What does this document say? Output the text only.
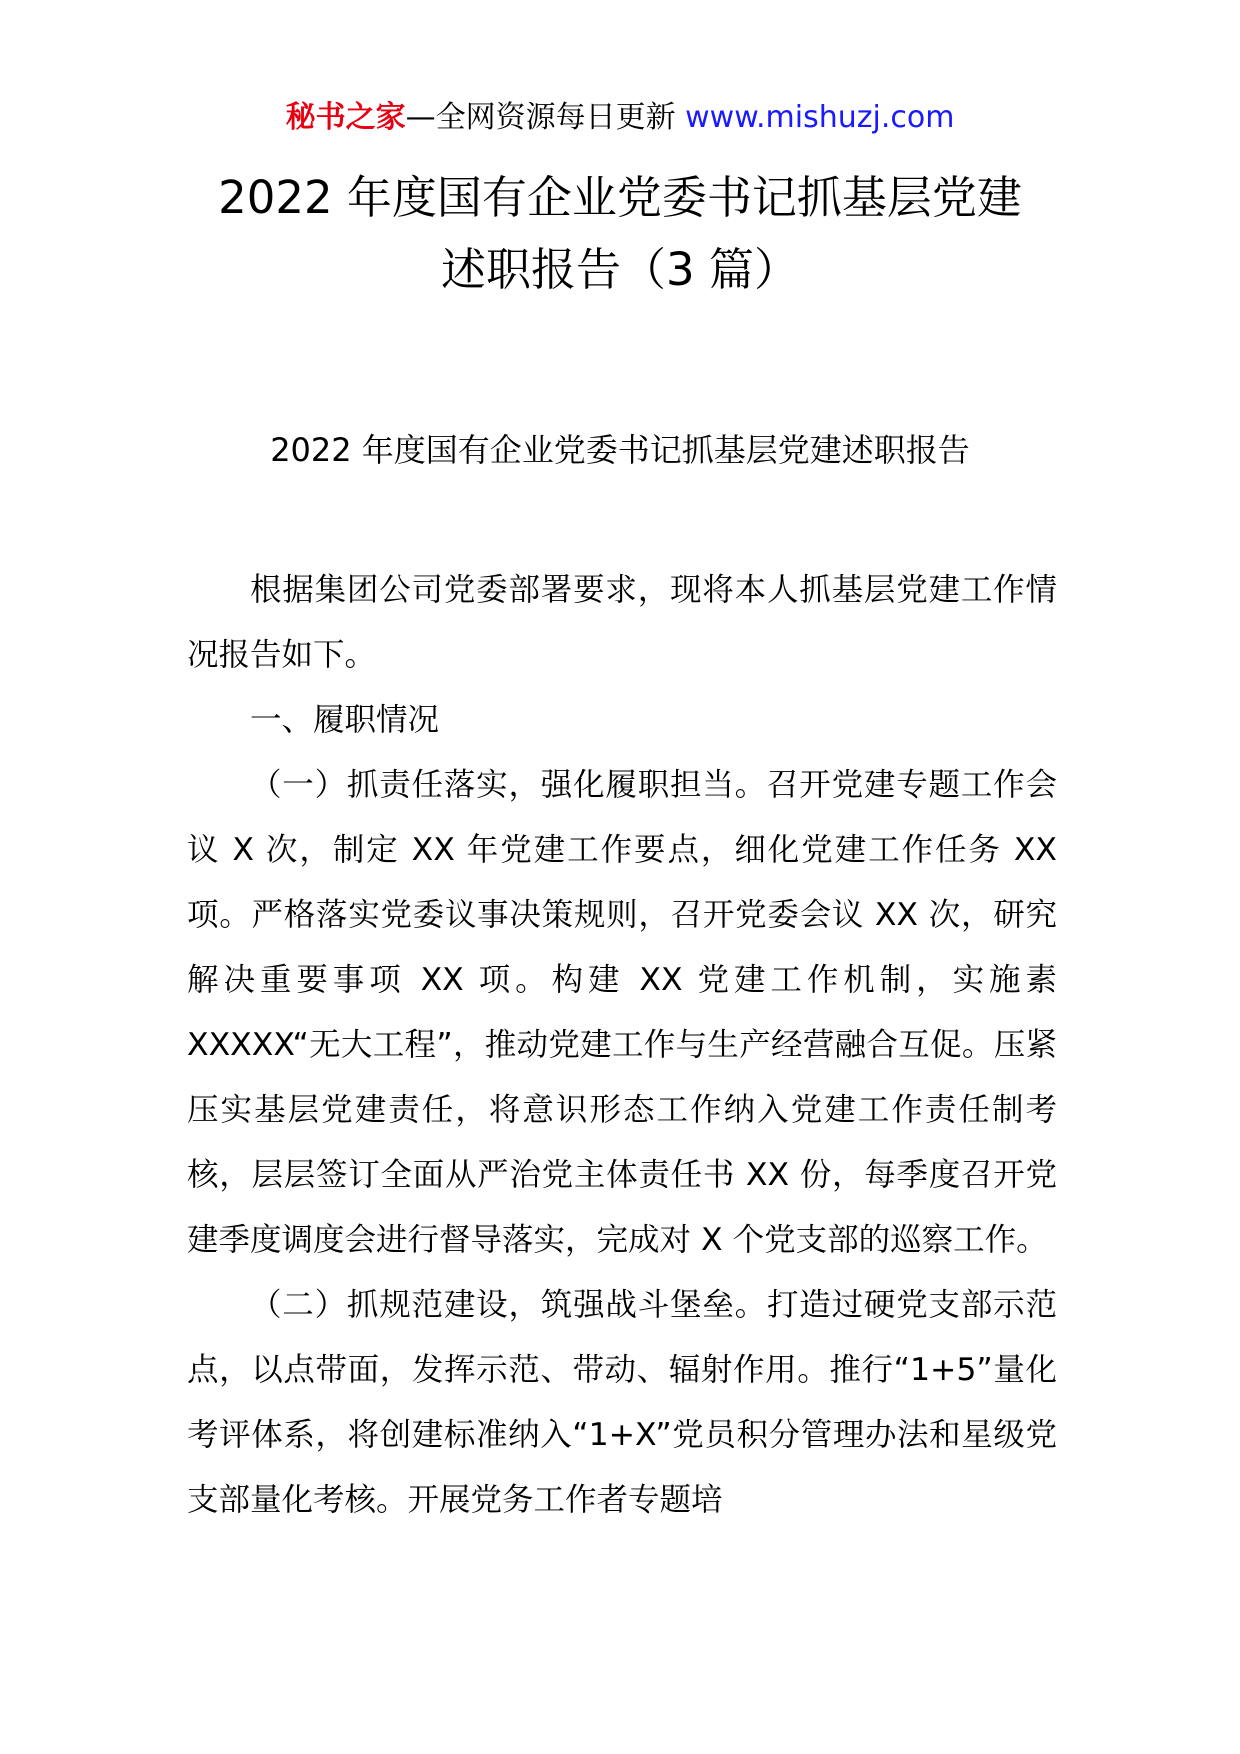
秘书之家—全网资源每日更新 www.mishuzj.com
2022 年度国有企业党委书记抓基层党建
述职报告（3 篇）
2022 年度国有企业党委书记抓基层党建述职报告

根据集团公司党委部署要求，现将本人抓基层党建工作情况报告如下。

一、履职情况

（一）抓责任落实，强化履职担当。召开党建专题工作会议 X 次，制定 XX 年党建工作要点，细化党建工作任务 XX 项。严格落实党委议事决策规则，召开党委会议 XX 次，研究解决重要事项 XX 项。构建 XX 党建工作机制，实施素 XXXXX“无大工程”，推动党建工作与生产经营融合互促。压紧压实基层党建责任，将意识形态工作纳入党建工作责任制考核，层层签订全面从严治党主体责任书 XX 份，每季度召开党建季度调度会进行督导落实，完成对 X 个党支部的巡察工作。

（二）抓规范建设，筑强战斗堡垒。打造过硬党支部示范点，以点带面，发挥示范、带动、辐射作用。推行“1+5”量化考评体系，将创建标准纳入“1+X”党员积分管理办法和星级党支部量化考核。开展党务工作者专题培
